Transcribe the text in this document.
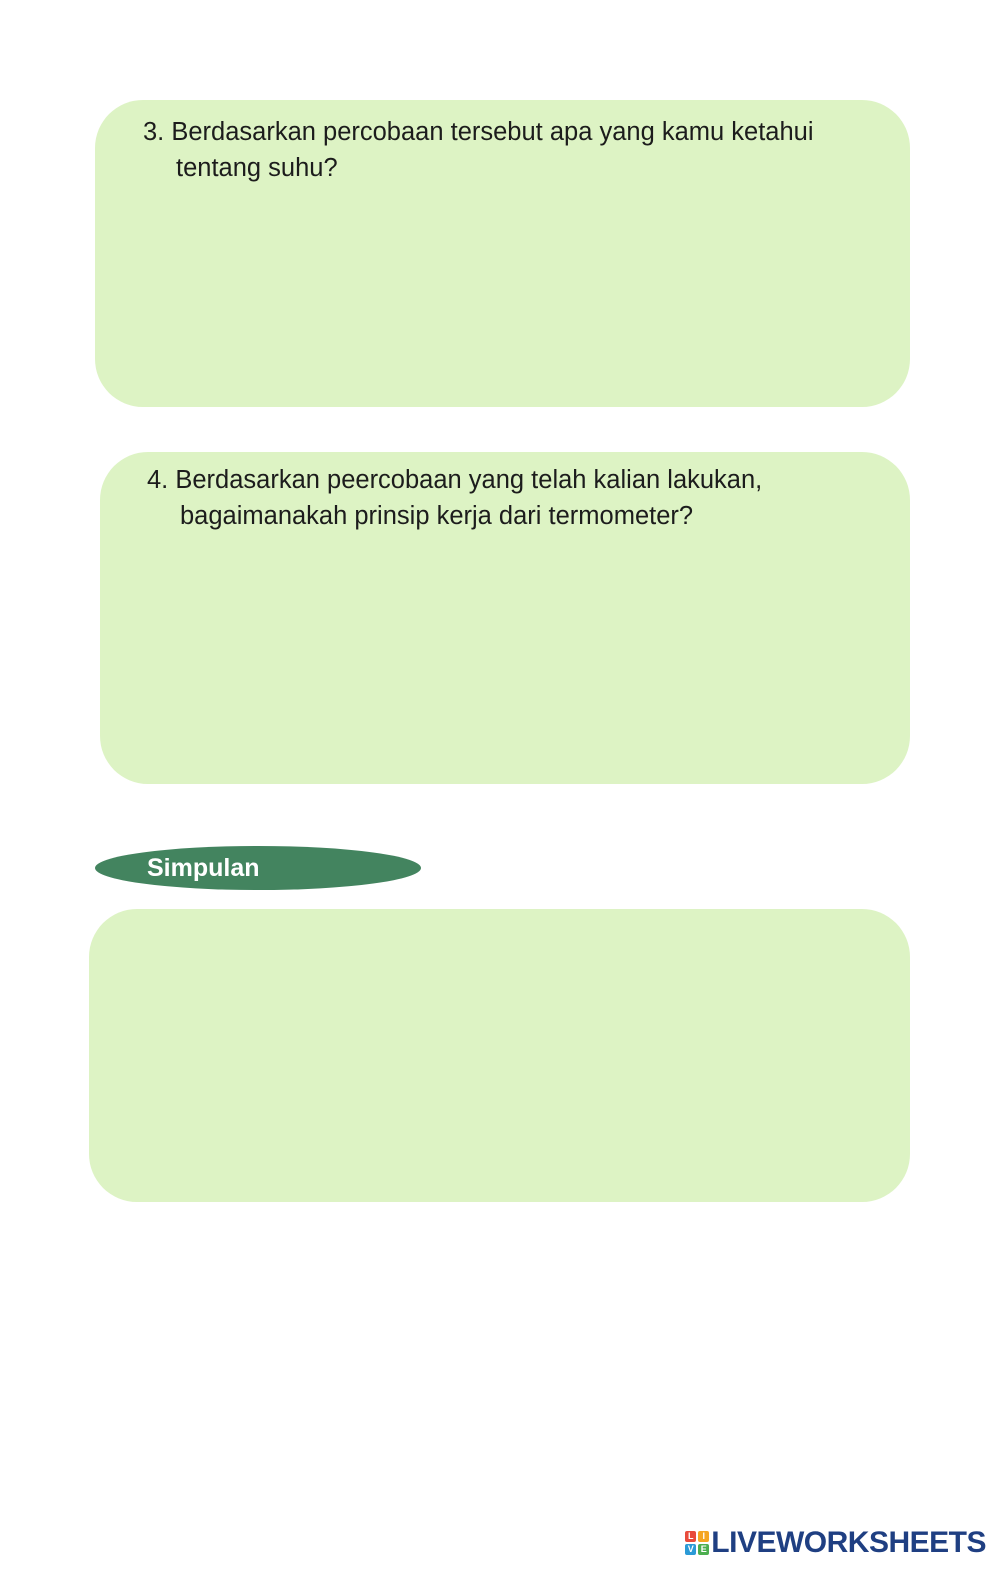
3. Berdasarkan percobaan tersebut apa yang kamu ketahui
tentang suhu?
4. Berdasarkan peercobaan yang telah kalian lakukan,
bagaimanakah prinsip kerja dari termometer?
Simpulan
L I
V E LIVEWORKSHEETS
